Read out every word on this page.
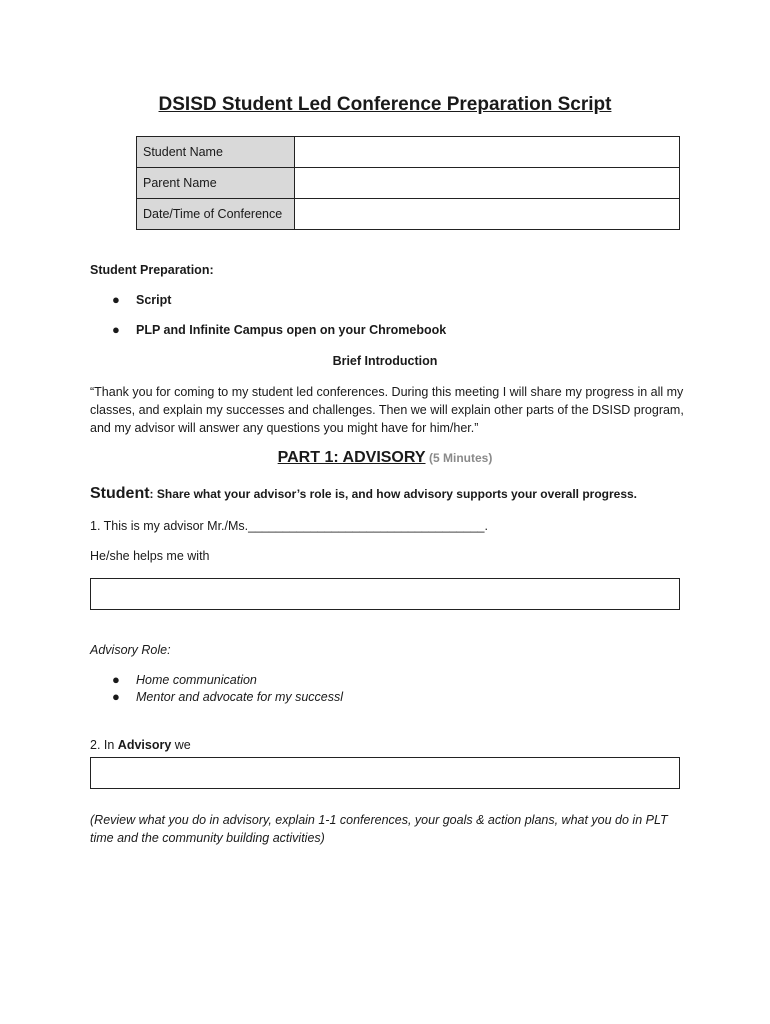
DSISD Student Led Conference Preparation Script
Student Name	
Parent Name	
Date/Time of Conference	
Student Preparation:
● Script
● PLP and Infinite Campus open on your Chromebook
Brief Introduction
“Thank you for coming to my student led conferences. During this meeting I will share my progress in all my classes, and explain my successes and challenges. Then we will explain other parts of the DSISD program, and my advisor will answer any questions you might have for him/her.”
PART 1: ADVISORY (5 Minutes)
Student: Share what your advisor’s role is, and how advisory supports your overall progress.
1. This is my advisor Mr./Ms.__________________________________.
He/she helps me with
Advisory Role:
● Home communication
● Mentor and advocate for my successl
2. In Advisory we
(Review what you do in advisory, explain 1-1 conferences, your goals & action plans, what you do in PLT time and the community building activities)
